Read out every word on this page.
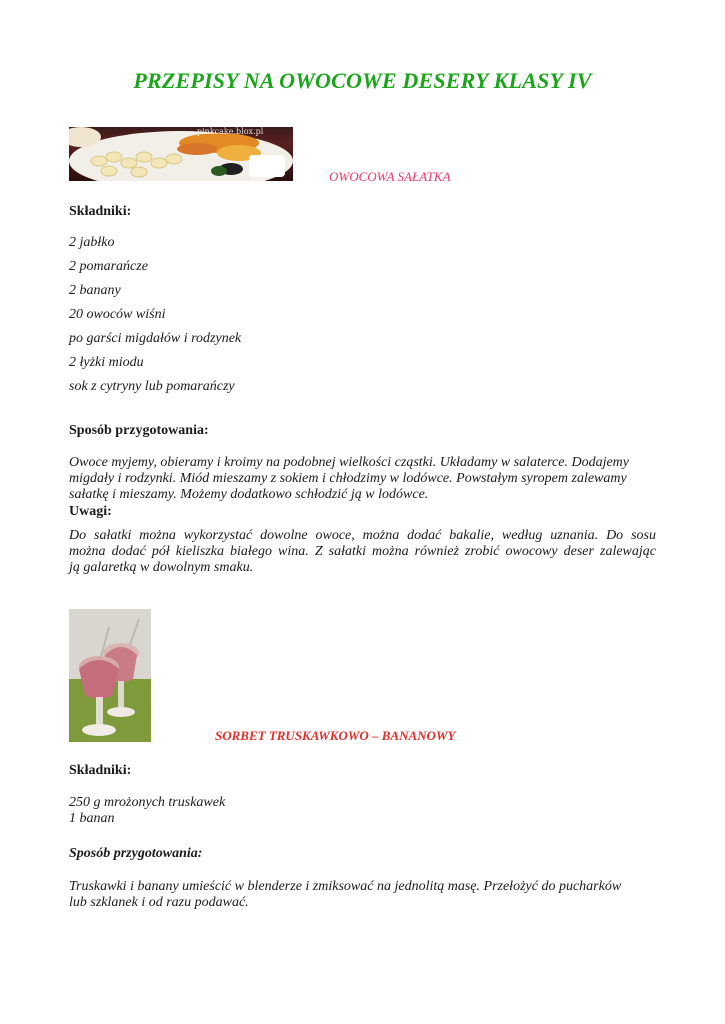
PRZEPISY NA OWOCOWE DESERY KLASY IV
pinkcake.blox.pl
OWOCOWA SAŁATKA
Składniki:
2 jabłko
2 pomarańcze
2 banany
20 owoców wiśni
po garści migdałów i rodzynek
2 łyżki miodu
sok z cytryny lub pomarańczy
Sposób przygotowania:
Owoce myjemy, obieramy i kroimy na podobnej wielkości cząstki. Układamy w salaterce. Dodajemy
migdały i rodzynki. Miód mieszamy z sokiem i chłodzimy w lodówce. Powstałym syropem zalewamy
sałatkę i mieszamy. Możemy dodatkowo schłodzić ją w lodówce.
Uwagi:
Do sałatki można wykorzystać dowolne owoce, można dodać bakalie, według uznania. Do sosu
można dodać pół kieliszka białego wina. Z sałatki można również zrobić owocowy deser zalewając
ją galaretką w dowolnym smaku.
SORBET TRUSKAWKOWO – BANANOWY
Składniki:
250 g mrożonych truskawek
1 banan
Sposób przygotowania:
Truskawki i banany umieścić w blenderze i zmiksować na jednolitą masę. Przełożyć do pucharków
lub szklanek i od razu podawać.
